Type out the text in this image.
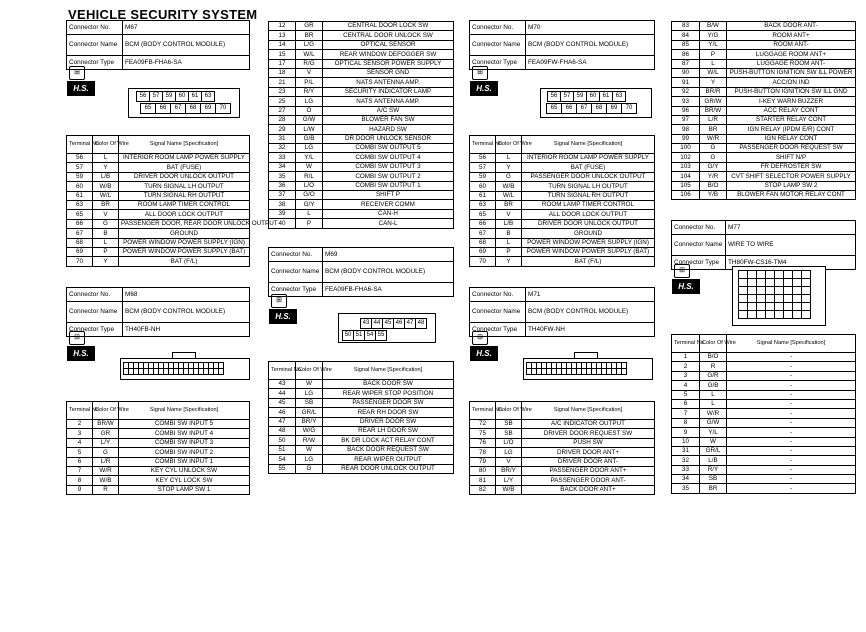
VEHICLE SECURITY SYSTEM
Connector No.	M67
Connector Name	BCM (BODY CONTROL MODULE)
Connector Type	FEA09FB-FHA6-SA
⊞
H.S.
56	57	59	60	61	63
65	66	67	68	69	70
Terminal No.	Color Of Wire	Signal Name [Specification]
56	L	INTERIOR ROOM LAMP POWER SUPPLY
57	Y	BAT (FUSE)
59	L/B	DRIVER DOOR UNLOCK OUTPUT
60	W/B	TURN SIGNAL LH OUTPUT
61	W/L	TURN SIGNAL RH OUTPUT
63	BR	ROOM LAMP TIMER CONTROL
65	V	ALL DOOR LOCK OUTPUT
66	G	PASSENGER DOOR, REAR DOOR UNLOCK OUTPUT
67	B	GROUND
68	L	POWER WINDOW POWER SUPPLY (IGN)
69	P	POWER WINDOW POWER SUPPLY (BAT)
70	Y	BAT (F/L)
12	GR	CENTRAL DOOR LOCK SW
13	BR	CENTRAL DOOR UNLOCK SW
14	L/G	OPTICAL SENSOR
15	W/L	REAR WINDOW DEFOGGER SW
17	R/G	OPTICAL SENSOR POWER SUPPLY
18	V	SENSOR GND
21	P/L	NATS ANTENNA AMP.
23	R/Y	SECURITY INDICATOR LAMP
25	LG	NATS ANTENNA AMP.
27	O	A/C SW
28	G/W	BLOWER FAN SW
29	L/W	HAZARD SW
31	G/B	DR DOOR UNLOCK SENSOR
32	LG	COMBI SW OUTPUT 5
33	Y/L	COMBI SW OUTPUT 4
34	W	COMBI SW OUTPUT 3
35	R/L	COMBI SW OUTPUT 2
36	L/O	COMBI SW OUTPUT 1
37	G/O	SHIFT P
38	G/Y	RECEIVER COMM
39	L	CAN-H
40	P	CAN-L
Connector No.	M69
Connector Name	BCM (BODY CONTROL MODULE)
Connector Type	FEA09FB-FHA6-SA
⊞
H.S.
43 44 45 46 47 48
50 51 54 55
Terminal No.	Color Of Wire	Signal Name [Specification]
43	W	BACK DOOR SW
44	LG	REAR WIPER STOP POSITION
45	SB	PASSENGER DOOR SW
46	GR/L	REAR RH DOOR SW
47	BR/Y	DRIVER DOOR SW
48	W/G	REAR LH DOOR SW
50	R/W	BK DR LOCK ACT RELAY CONT
51	W	BACK DOOR REQUEST SW
54	LG	REAR WIPER OUTPUT
55	G	REAR DOOR UNLOCK OUTPUT
Connector No.	M68
Connector Name	BCM (BODY CONTROL MODULE)
Connector Type	TH40FB-NH
⊞
H.S.
Terminal No.	Color Of Wire	Signal Name [Specification]
2	BR/W	COMBI SW INPUT 5
3	GR	COMBI SW INPUT 4
4	L/Y	COMBI SW INPUT 3
5	G	COMBI SW INPUT 2
6	L/R	COMBI SW INPUT 1
7	W/R	KEY CYL UNLOCK SW
8	W/B	KEY CYL LOCK SW
9	R	STOP LAMP SW 1
Connector No.	M70
Connector Name	BCM (BODY CONTROL MODULE)
Connector Type	FEA09FW-FHA6-SA
⊞
H.S.
56	57	59	60	61	63
65	66	67	68	69	70
Terminal No.	Color Of Wire	Signal Name [Specification]
56	L	INTERIOR ROOM LAMP POWER SUPPLY
57	Y	BAT (FUSE)
59	G	PASSENGER DOOR UNLOCK OUTPUT
60	W/B	TURN SIGNAL LH OUTPUT
61	W/L	TURN SIGNAL RH OUTPUT
63	BR	ROOM LAMP TIMER CONTROL
65	V	ALL DOOR LOCK OUTPUT
66	L/B	DRIVER DOOR UNLOCK OUTPUT
67	B	GROUND
68	L	POWER WINDOW POWER SUPPLY (IGN)
69	P	POWER WINDOW POWER SUPPLY (BAT)
70	Y	BAT (F/L)
Connector No.	M71
Connector Name	BCM (BODY CONTROL MODULE)
Connector Type	TH40FW-NH
⊞
H.S.
Terminal No.	Color Of Wire	Signal Name [Specification]
72	SB	A/C INDICATOR OUTPUT
75	SB	DRIVER DOOR REQUEST SW
76	L/O	PUSH SW
78	LG	DRIVER DOOR ANT+
79	V	DRIVER DOOR ANT-
80	BR/Y	PASSENGER DOOR ANT+
81	L/Y	PASSENGER DOOR ANT-
82	W/B	BACK DOOR ANT+
83	B/W	BACK DOOR ANT-
84	Y/G	ROOM ANT+
85	Y/L	ROOM ANT-
86	P	LUGGAGE ROOM ANT+
87	L	LUGGAGE ROOM ANT-
90	W/L	PUSH-BUTTON IGNITION SW ILL POWER
91	Y	ACC/ON IND
92	BR/R	PUSH-BUTTON IGNITION SW ILL GND
93	GR/W	I-KEY WARN BUZZER
96	BR/W	ACC RELAY CONT
97	L/R	STARTER RELAY CONT
98	BR	IGN RELAY (IPDM E/R) CONT
99	W/R	IGN RELAY CONT
100	G	PASSENGER DOOR REQUEST SW
102	G	SHIFT N/P
103	G/Y	FR DEFROSTER SW
104	Y/R	CVT SHIFT SELECTOR POWER SUPPLY
105	B/O	STOP LAMP SW 2
106	Y/B	BLOWER FAN MOTOR RELAY CONT
Connector No.	M77
Connector Name	WIRE TO WIRE
Connector Type	TH80FW-CS16-TM4
⊞
H.S.
Terminal No.	Color Of Wire	Signal Name [Specification]
1	B/O	-
2	R	-
3	G/R	-
4	G/B	-
5	L	-
6	L	-
7	W/R	-
8	G/W	-
9	Y/L	-
10	W	-
31	GR/L	-
32	L/B	-
33	R/Y	-
34	SB	-
35	BR	-
